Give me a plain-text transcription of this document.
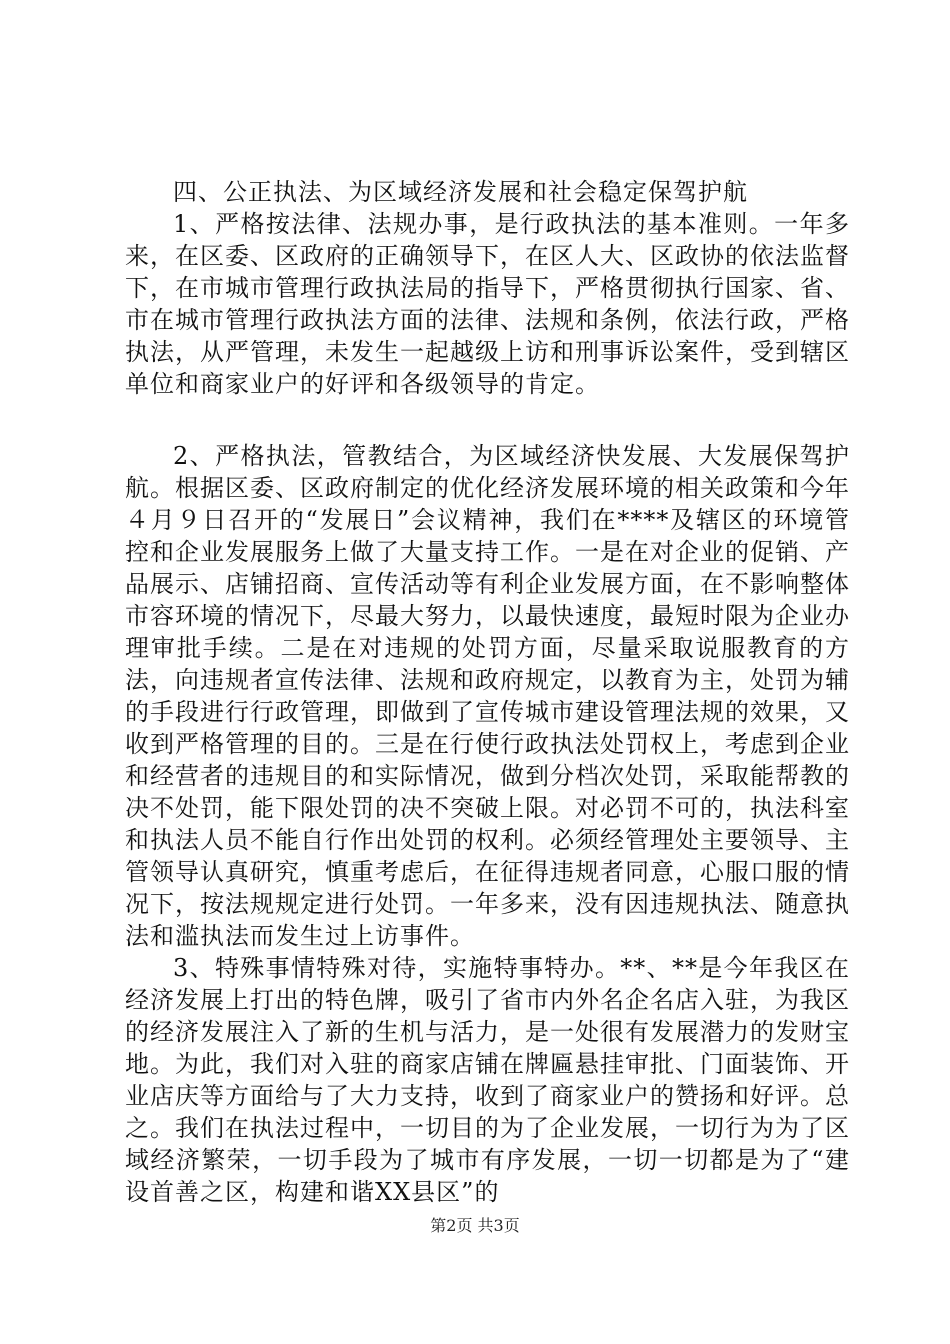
四、公正执法、为区域经济发展和社会稳定保驾护航

1、严格按法律、法规办事，是行政执法的基本准则。一年多来，在区委、区政府的正确领导下，在区人大、区政协的依法监督下，在市城市管理行政执法局的指导下，严格贯彻执行国家、省、市在城市管理行政执法方面的法律、法规和条例，依法行政，严格执法，从严管理，未发生一起越级上访和刑事诉讼案件，受到辖区单位和商家业户的好评和各级领导的肯定。

2、严格执法，管教结合，为区域经济快发展、大发展保驾护航。根据区委、区政府制定的优化经济发展环境的相关政策和今年４月９日召开的“发展日”会议精神，我们在****及辖区的环境管控和企业发展服务上做了大量支持工作。一是在对企业的促销、产品展示、店铺招商、宣传活动等有利企业发展方面，在不影响整体市容环境的情况下，尽最大努力，以最快速度，最短时限为企业办理审批手续。二是在对违规的处罚方面，尽量采取说服教育的方法，向违规者宣传法律、法规和政府规定，以教育为主，处罚为辅的手段进行行政管理，即做到了宣传城市建设管理法规的效果，又收到严格管理的目的。三是在行使行政执法处罚权上，考虑到企业和经营者的违规目的和实际情况，做到分档次处罚，采取能帮教的决不处罚，能下限处罚的决不突破上限。对必罚不可的，执法科室和执法人员不能自行作出处罚的权利。必须经管理处主要领导、主管领导认真研究，慎重考虑后，在征得违规者同意，心服口服的情况下，按法规规定进行处罚。一年多来，没有因违规执法、随意执法和滥执法而发生过上访事件。

3、特殊事情特殊对待，实施特事特办。**、**是今年我区在经济发展上打出的特色牌，吸引了省市内外名企名店入驻，为我区的经济发展注入了新的生机与活力，是一处很有发展潜力的发财宝地。为此，我们对入驻的商家店铺在牌匾悬挂审批、门面装饰、开业店庆等方面给与了大力支持，收到了商家业户的赞扬和好评。总之。我们在执法过程中，一切目的为了企业发展，一切行为为了区域经济繁荣，一切手段为了城市有序发展，一切一切都是为了“建设首善之区，构建和谐XX县区”的

第2页 共3页
